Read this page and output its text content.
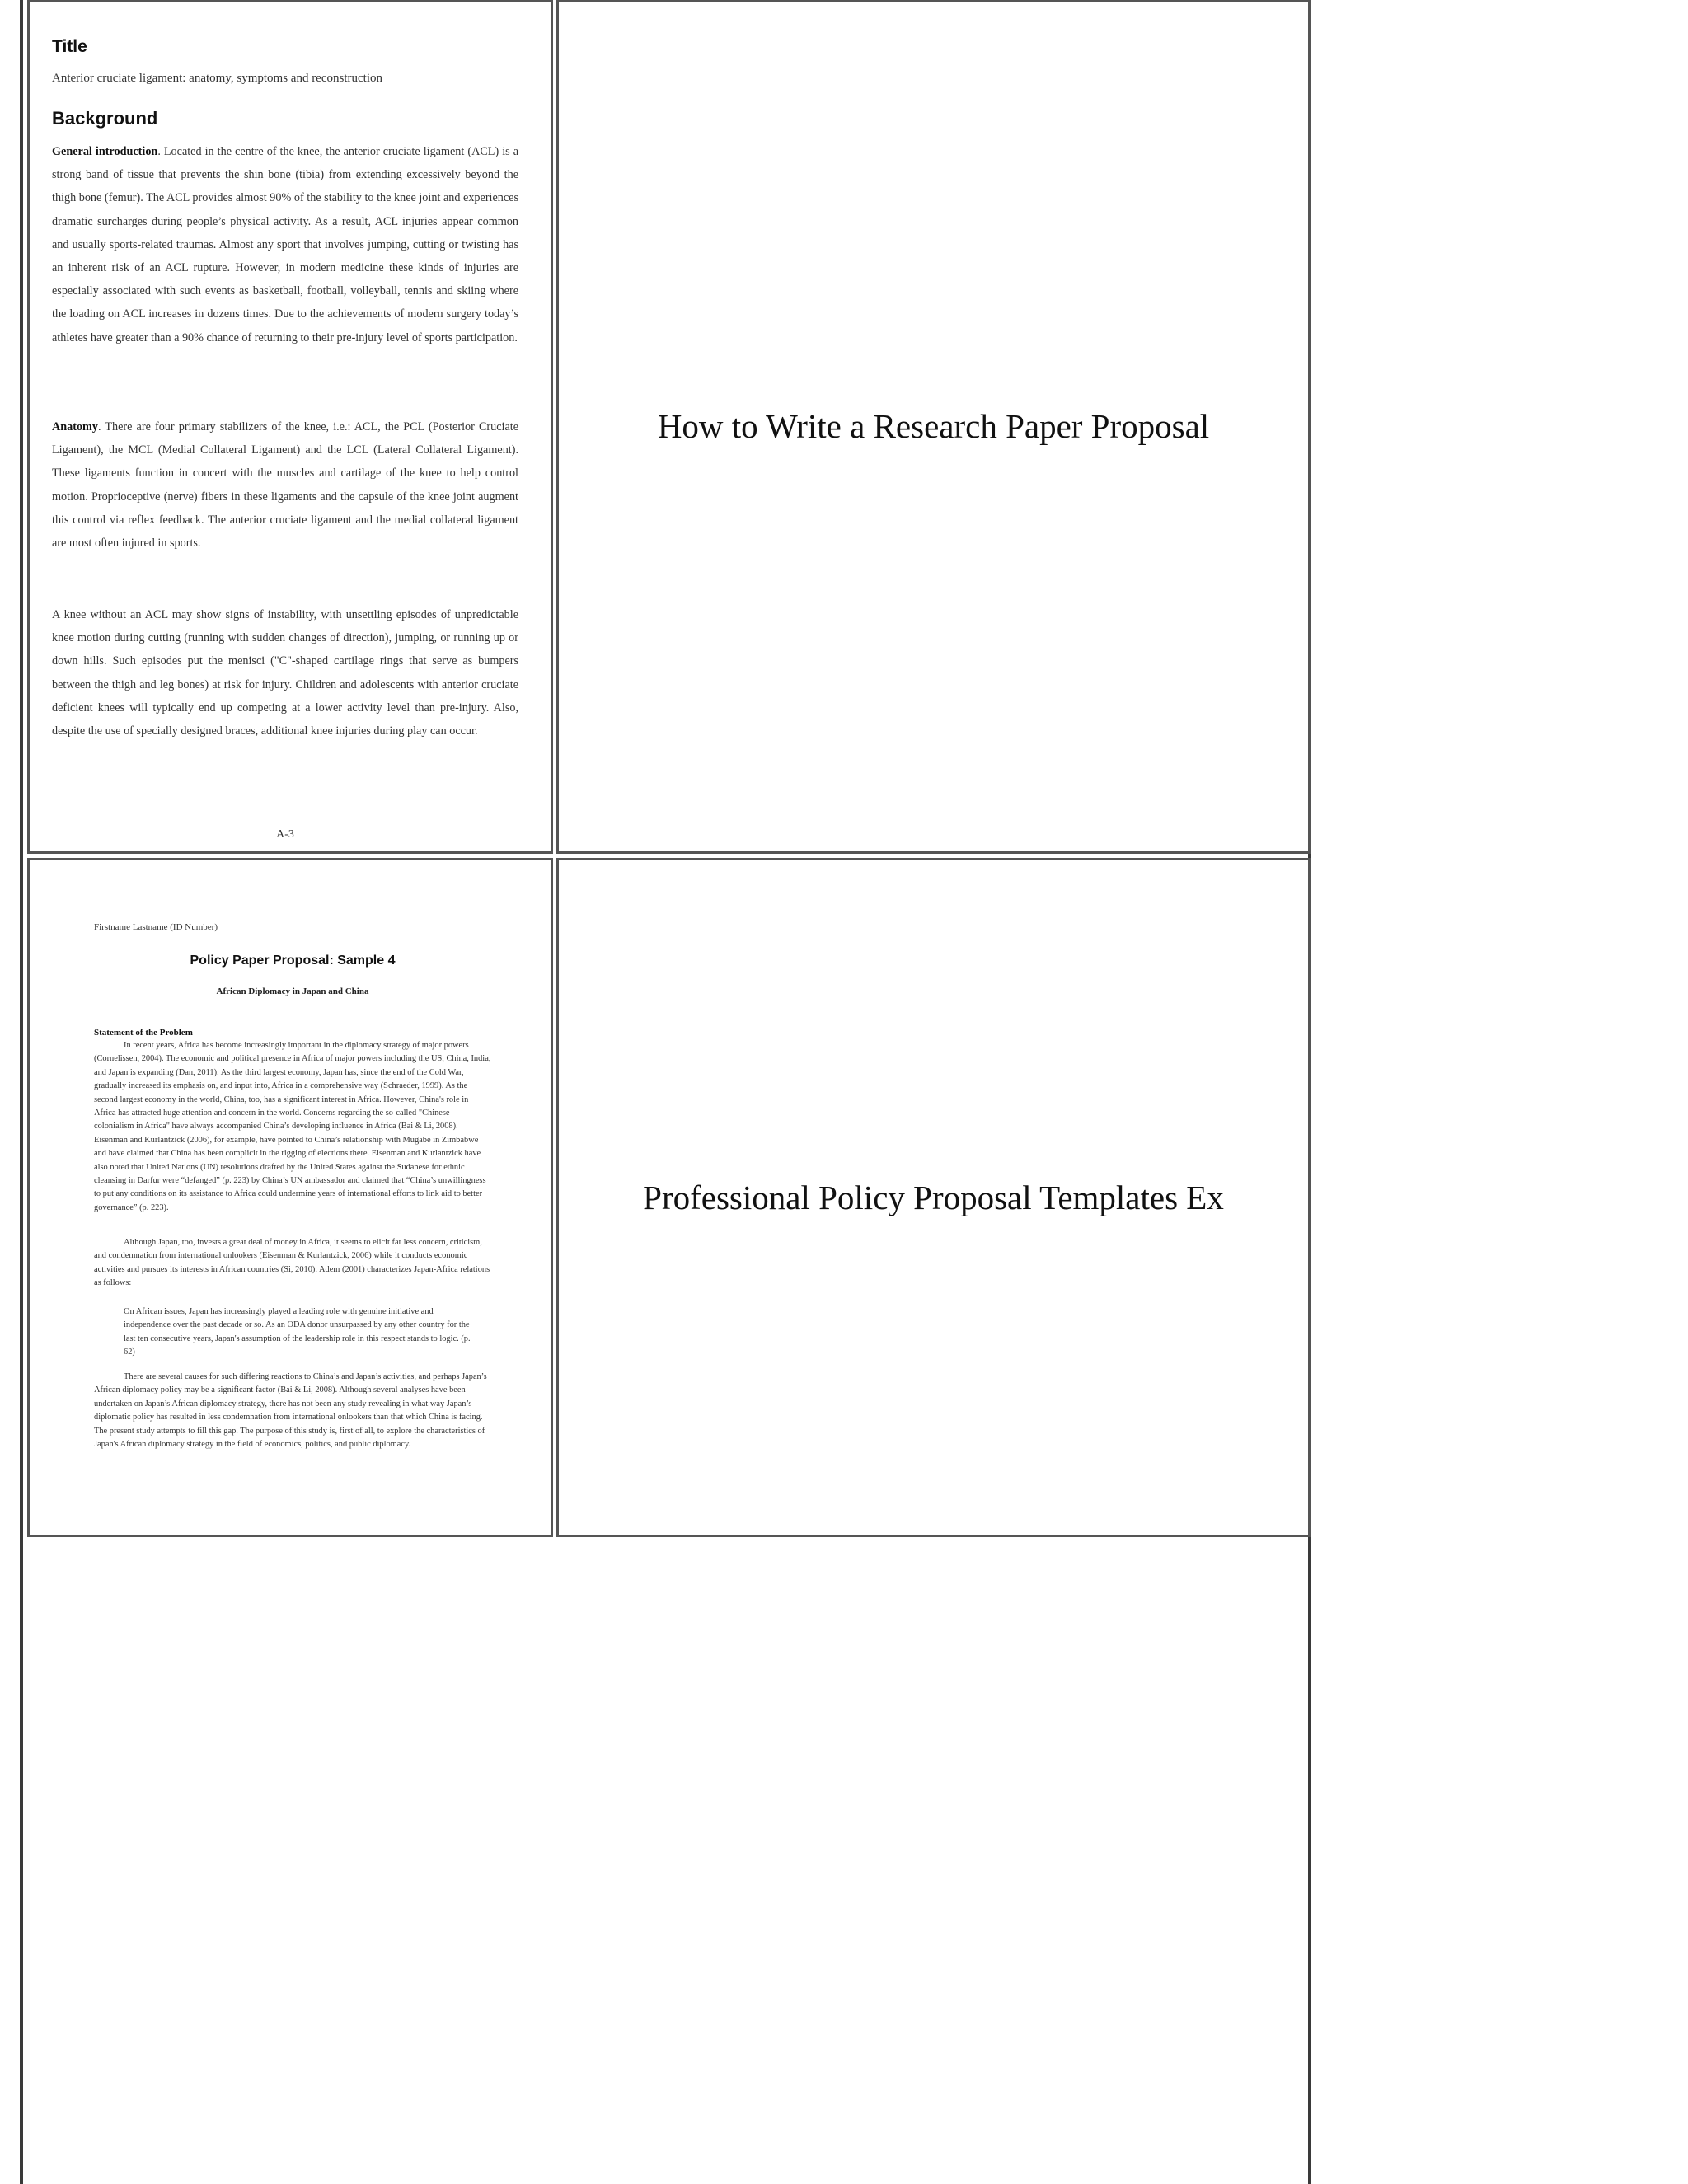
Title
Anterior cruciate ligament: anatomy, symptoms and reconstruction
Background

General introduction. Located in the centre of the knee, the anterior cruciate ligament (ACL) is a strong band of tissue that prevents the shin bone (tibia) from extending excessively beyond the thigh bone (femur). The ACL provides almost 90% of the stability to the knee joint and experiences dramatic surcharges during people’s physical activity. As a result, ACL injuries appear common and usually sports-related traumas. Almost any sport that involves jumping, cutting or twisting has an inherent risk of an ACL rupture. However, in modern medicine these kinds of injuries are especially associated with such events as basketball, football, volleyball, tennis and skiing where the loading on ACL increases in dozens times. Due to the achievements of modern surgery today’s athletes have greater than a 90% chance of returning to their pre-injury level of sports participation.

Anatomy. There are four primary stabilizers of the knee, i.e.: ACL, the PCL (Posterior Cruciate Ligament), the MCL (Medial Collateral Ligament) and the LCL (Lateral Collateral Ligament). These ligaments function in concert with the muscles and cartilage of the knee to help control motion. Proprioceptive (nerve) fibers in these ligaments and the capsule of the knee joint augment this control via reflex feedback. The anterior cruciate ligament and the medial collateral ligament are most often injured in sports.

A knee without an ACL may show signs of instability, with unsettling episodes of unpredictable knee motion during cutting (running with sudden changes of direction), jumping, or running up or down hills. Such episodes put the menisci ("C"-shaped cartilage rings that serve as bumpers between the thigh and leg bones) at risk for injury. Children and adolescents with anterior cruciate deficient knees will typically end up competing at a lower activity level than pre-injury. Also, despite the use of specially designed braces, additional knee injuries during play can occur.

A-3
How to Write a Research Paper Proposal
Firstname Lastname (ID Number)
Policy Paper Proposal: Sample 4
African Diplomacy in Japan and China
Statement of the Problem

In recent years, Africa has become increasingly important in the diplomacy strategy of major powers (Cornelissen, 2004). The economic and political presence in Africa of major powers including the US, China, India, and Japan is expanding (Dan, 2011). As the third largest economy, Japan has, since the end of the Cold War, gradually increased its emphasis on, and input into, Africa in a comprehensive way (Schraeder, 1999). As the second largest economy in the world, China, too, has a significant interest in Africa. However, China's role in Africa has attracted huge attention and concern in the world. Concerns regarding the so-called "Chinese colonialism in Africa" have always accompanied China’s developing influence in Africa (Bai & Li, 2008). Eisenman and Kurlantzick (2006), for example, have pointed to China’s relationship with Mugabe in Zimbabwe and have claimed that China has been complicit in the rigging of elections there. Eisenman and Kurlantzick have also noted that United Nations (UN) resolutions drafted by the United States against the Sudanese for ethnic cleansing in Darfur were “defanged” (p. 223) by China’s UN ambassador and claimed that “China’s unwillingness to put any conditions on its assistance to Africa could undermine years of international efforts to link aid to better governance” (p. 223).

Although Japan, too, invests a great deal of money in Africa, it seems to elicit far less concern, criticism, and condemnation from international onlookers (Eisenman & Kurlantzick, 2006) while it conducts economic activities and pursues its interests in African countries (Si, 2010). Adem (2001) characterizes Japan-Africa relations as follows:

On African issues, Japan has increasingly played a leading role with genuine initiative and independence over the past decade or so. As an ODA donor unsurpassed by any other country for the last ten consecutive years, Japan's assumption of the leadership role in this respect stands to logic. (p. 62)

There are several causes for such differing reactions to China’s and Japan’s activities, and perhaps Japan’s African diplomacy policy may be a significant factor (Bai & Li, 2008). Although several analyses have been undertaken on Japan’s African diplomacy strategy, there has not been any study revealing in what way Japan’s diplomatic policy has resulted in less condemnation from international onlookers than that which China is facing. The present study attempts to fill this gap. The purpose of this study is, first of all, to explore the characteristics of Japan's African diplomacy strategy in the field of economics, politics, and public diplomacy.

Professional Policy Proposal Templates Ex
